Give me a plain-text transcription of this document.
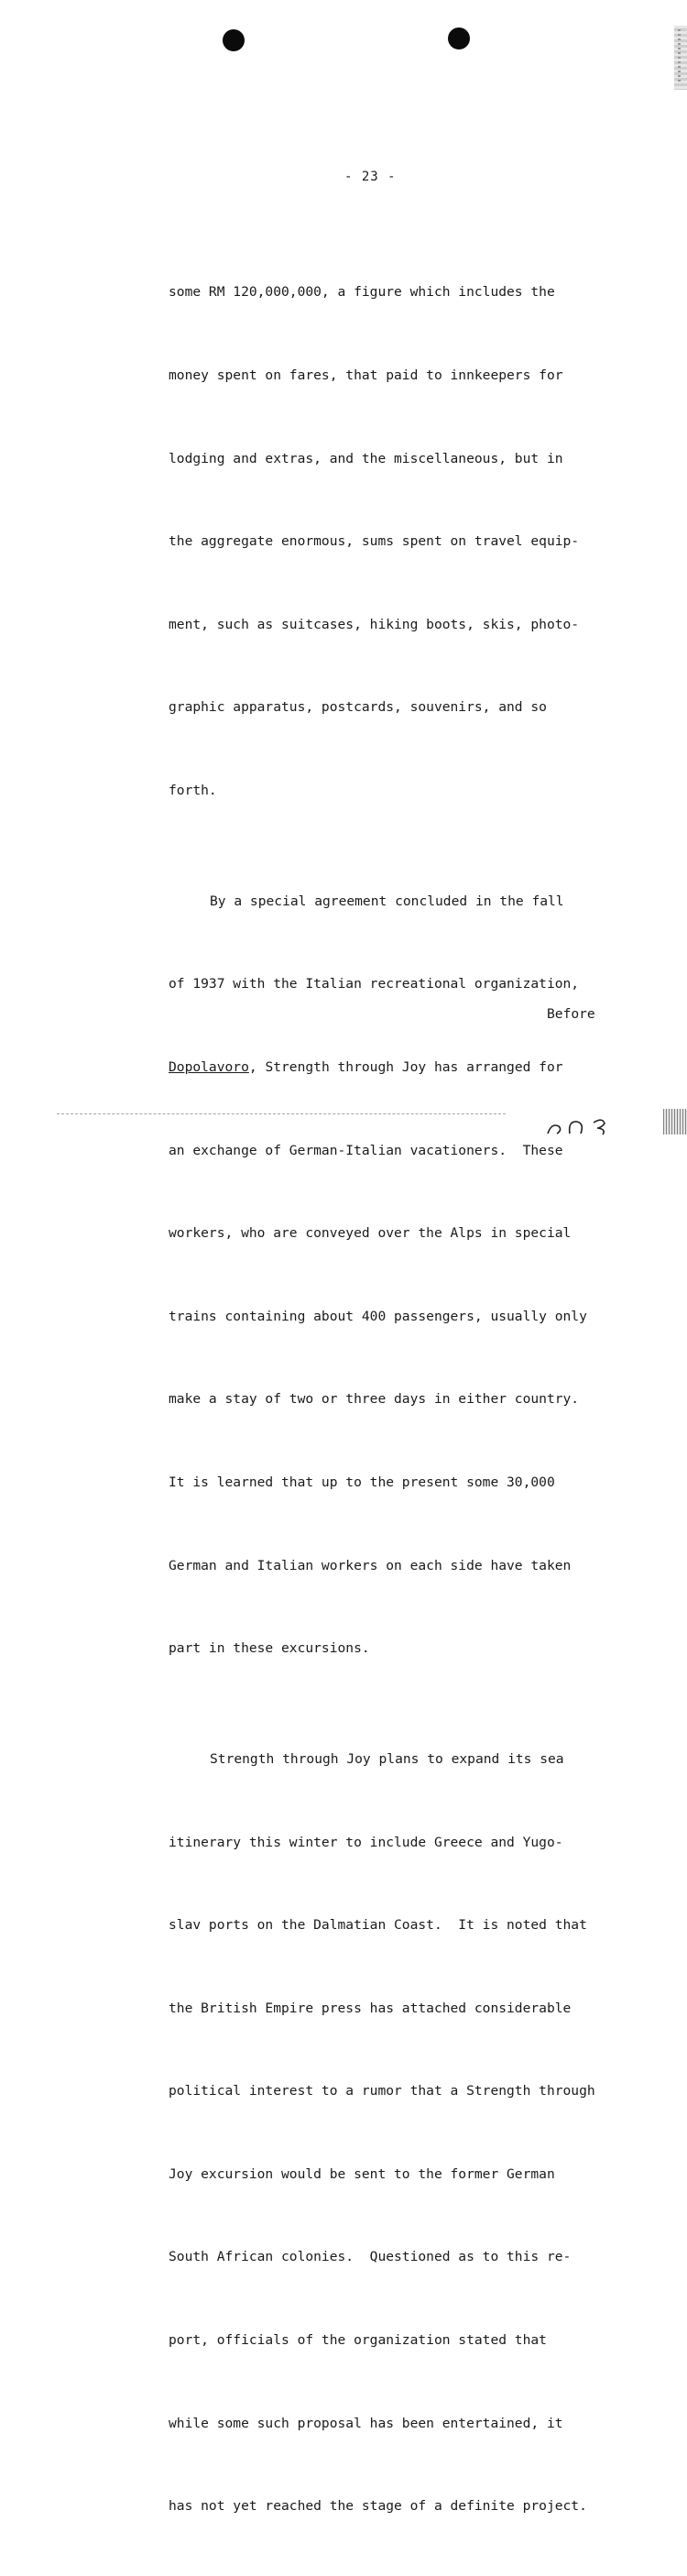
- 23 -

some RM 120,000,000, a figure which includes the

money spent on fares, that paid to innkeepers for

lodging and extras, and the miscellaneous, but in

the aggregate enormous, sums spent on travel equip-

ment, such as suitcases, hiking boots, skis, photo-

graphic apparatus, postcards, souvenirs, and so

forth.

By a special agreement concluded in the fall

of 1937 with the Italian recreational organization,

Dopolavoro, Strength through Joy has arranged for

an exchange of German-Italian vacationers.  These

workers, who are conveyed over the Alps in special

trains containing about 400 passengers, usually only

make a stay of two or three days in either country.

It is learned that up to the present some 30,000

German and Italian workers on each side have taken

part in these excursions.

Strength through Joy plans to expand its sea

itinerary this winter to include Greece and Yugo-

slav ports on the Dalmatian Coast.  It is noted that

the British Empire press has attached considerable

political interest to a rumor that a Strength through

Joy excursion would be sent to the former German

South African colonies.  Questioned as to this re-

port, officials of the organization stated that

while some such proposal has been entertained, it

has not yet reached the stage of a definite project.

Before
